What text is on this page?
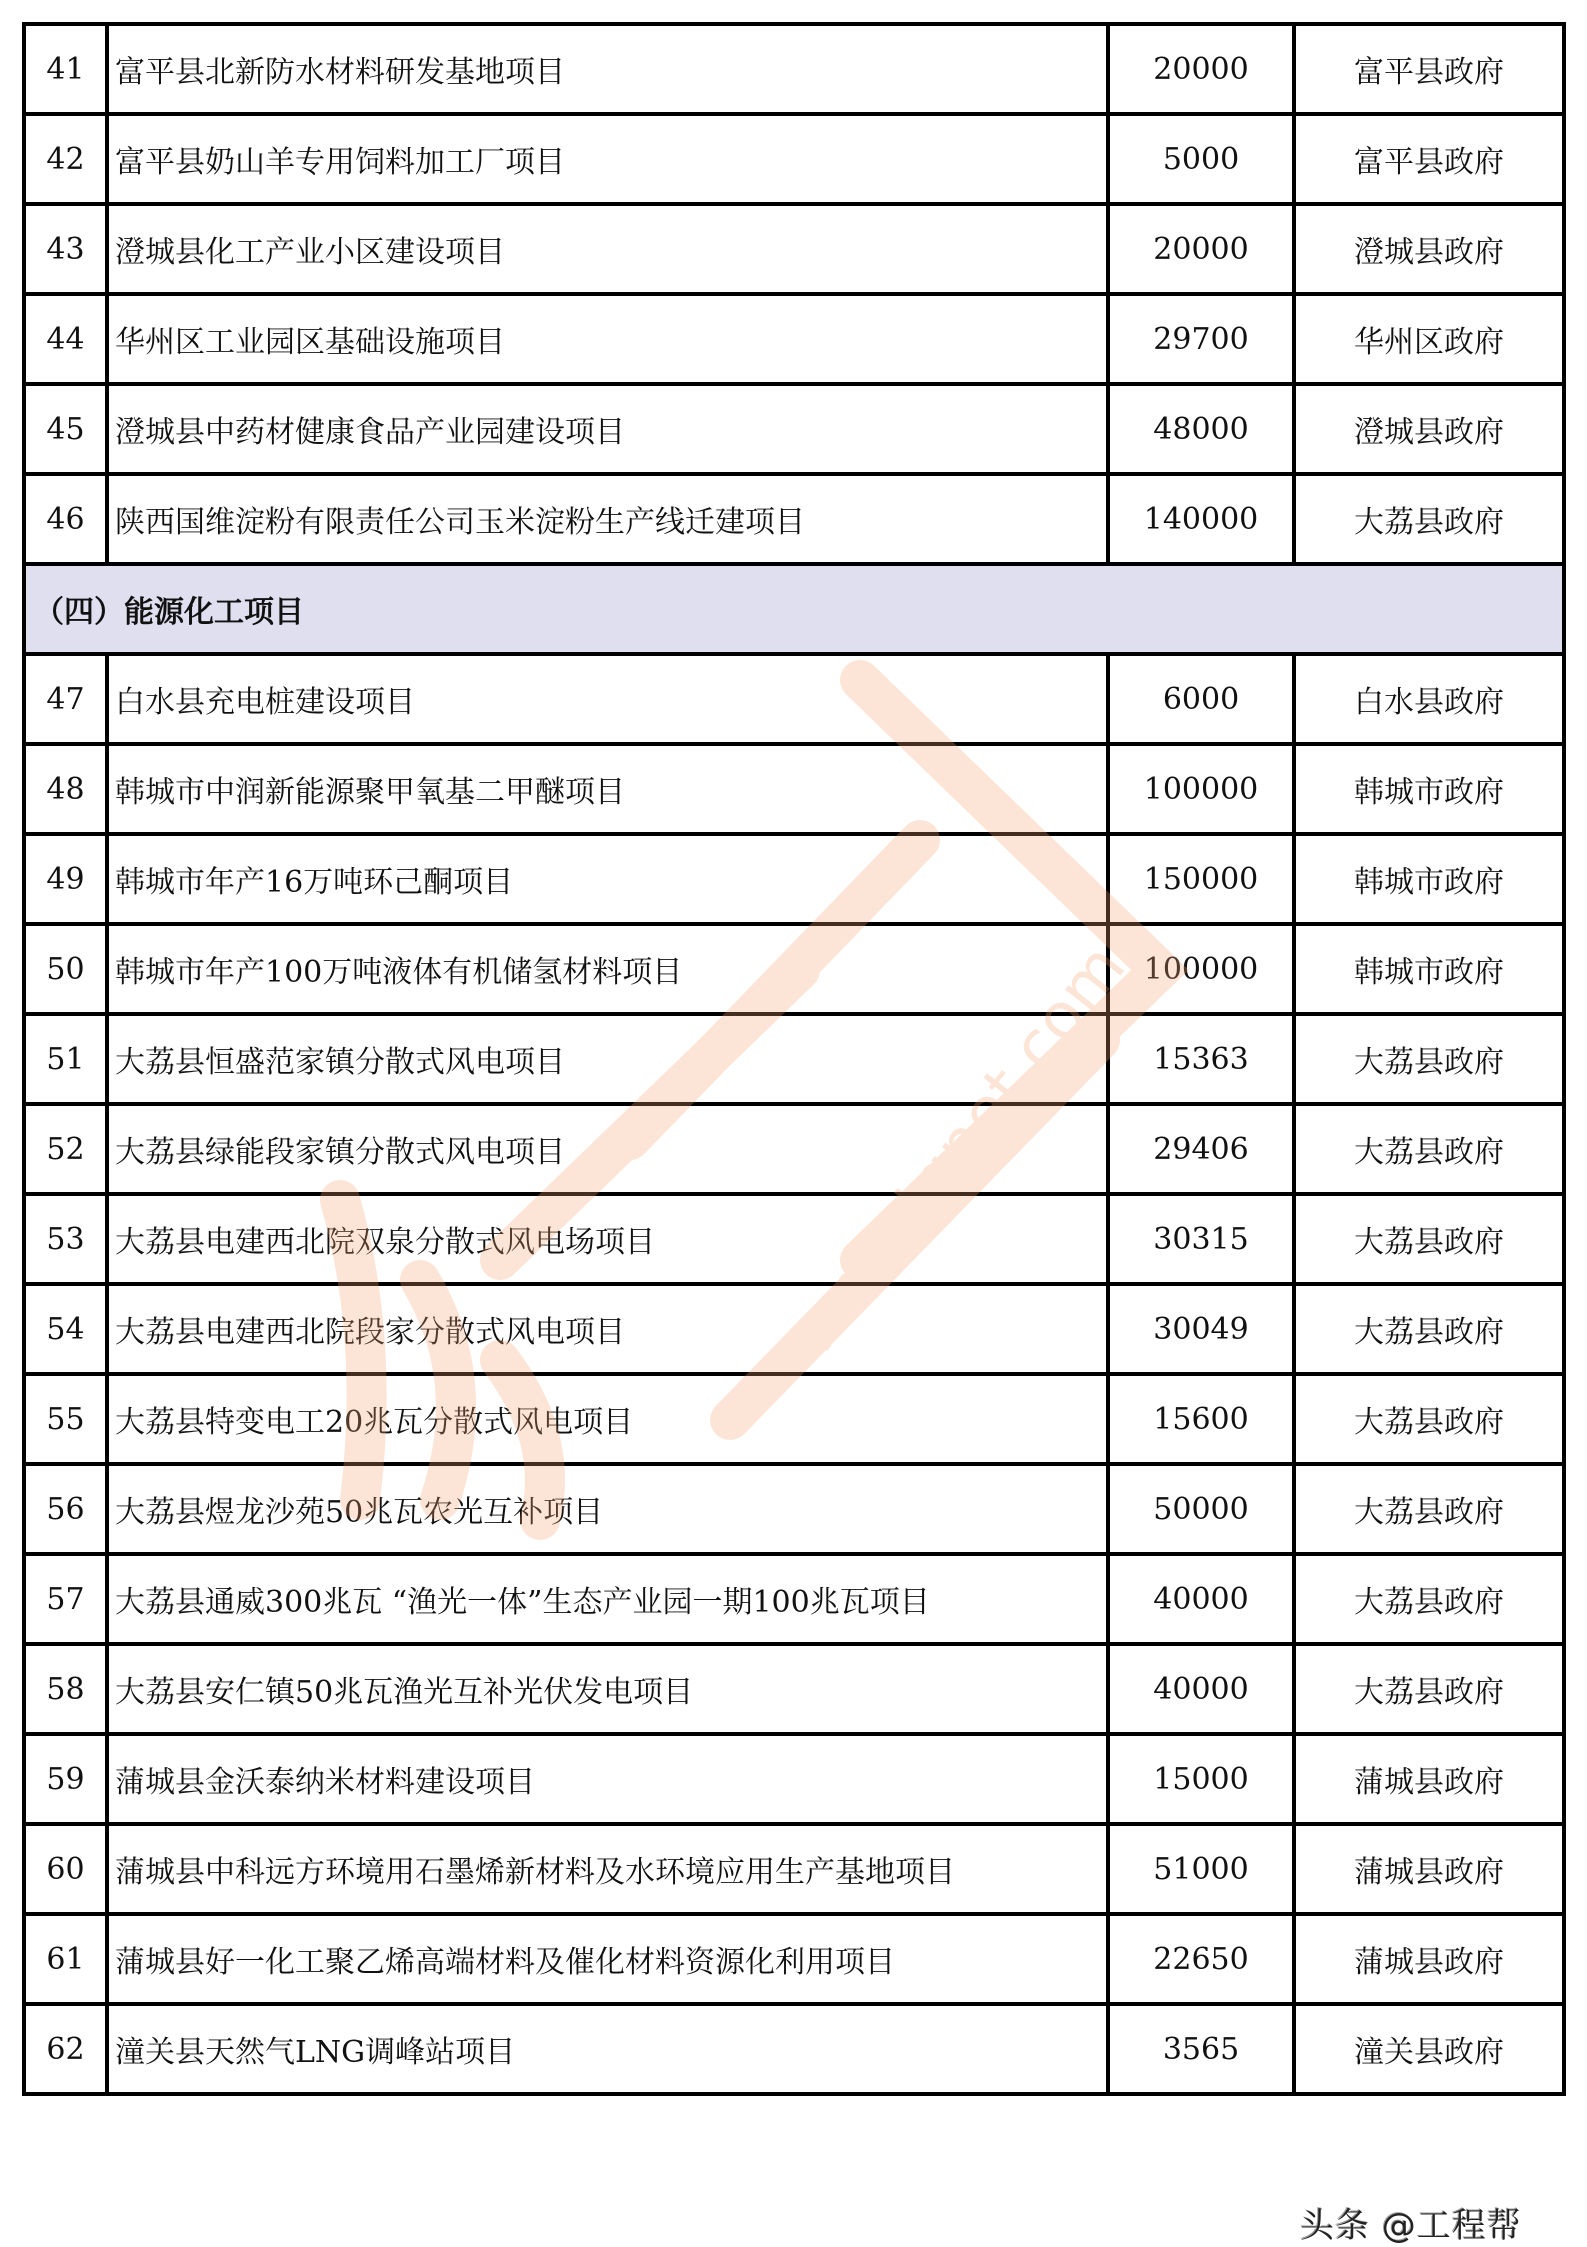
41	富平县北新防水材料研发基地项目	20000	富平县政府
42	富平县奶山羊专用饲料加工厂项目	5000	富平县政府
43	澄城县化工产业小区建设项目	20000	澄城县政府
44	华州区工业园区基础设施项目	29700	华州区政府
45	澄城县中药材健康食品产业园建设项目	48000	澄城县政府
46	陕西国维淀粉有限责任公司玉米淀粉生产线迁建项目	140000	大荔县政府
（四）能源化工项目			
47	白水县充电桩建设项目	6000	白水县政府
48	韩城市中润新能源聚甲氧基二甲醚项目	100000	韩城市政府
49	韩城市年产16万吨环己酮项目	150000	韩城市政府
50	韩城市年产100万吨液体有机储氢材料项目	100000	韩城市政府
51	大荔县恒盛范家镇分散式风电项目	15363	大荔县政府
52	大荔县绿能段家镇分散式风电项目	29406	大荔县政府
53	大荔县电建西北院双泉分散式风电场项目	30315	大荔县政府
54	大荔县电建西北院段家分散式风电项目	30049	大荔县政府
55	大荔县特变电工20兆瓦分散式风电项目	15600	大荔县政府
56	大荔县煜龙沙苑50兆瓦农光互补项目	50000	大荔县政府
57	大荔县通威300兆瓦 “渔光一体”生态产业园一期100兆瓦项目	40000	大荔县政府
58	大荔县安仁镇50兆瓦渔光互补光伏发电项目	40000	大荔县政府
59	蒲城县金沃泰纳米材料建设项目	15000	蒲城县政府
60	蒲城县中科远方环境用石墨烯新材料及水环境应用生产基地项目	51000	蒲城县政府
61	蒲城县好一化工聚乙烯高端材料及催化材料资源化利用项目	22650	蒲城县政府
62	潼关县天然气LNG调峰站项目	3565	潼关县政府
www.tgnet.com
头条 @工程帮
